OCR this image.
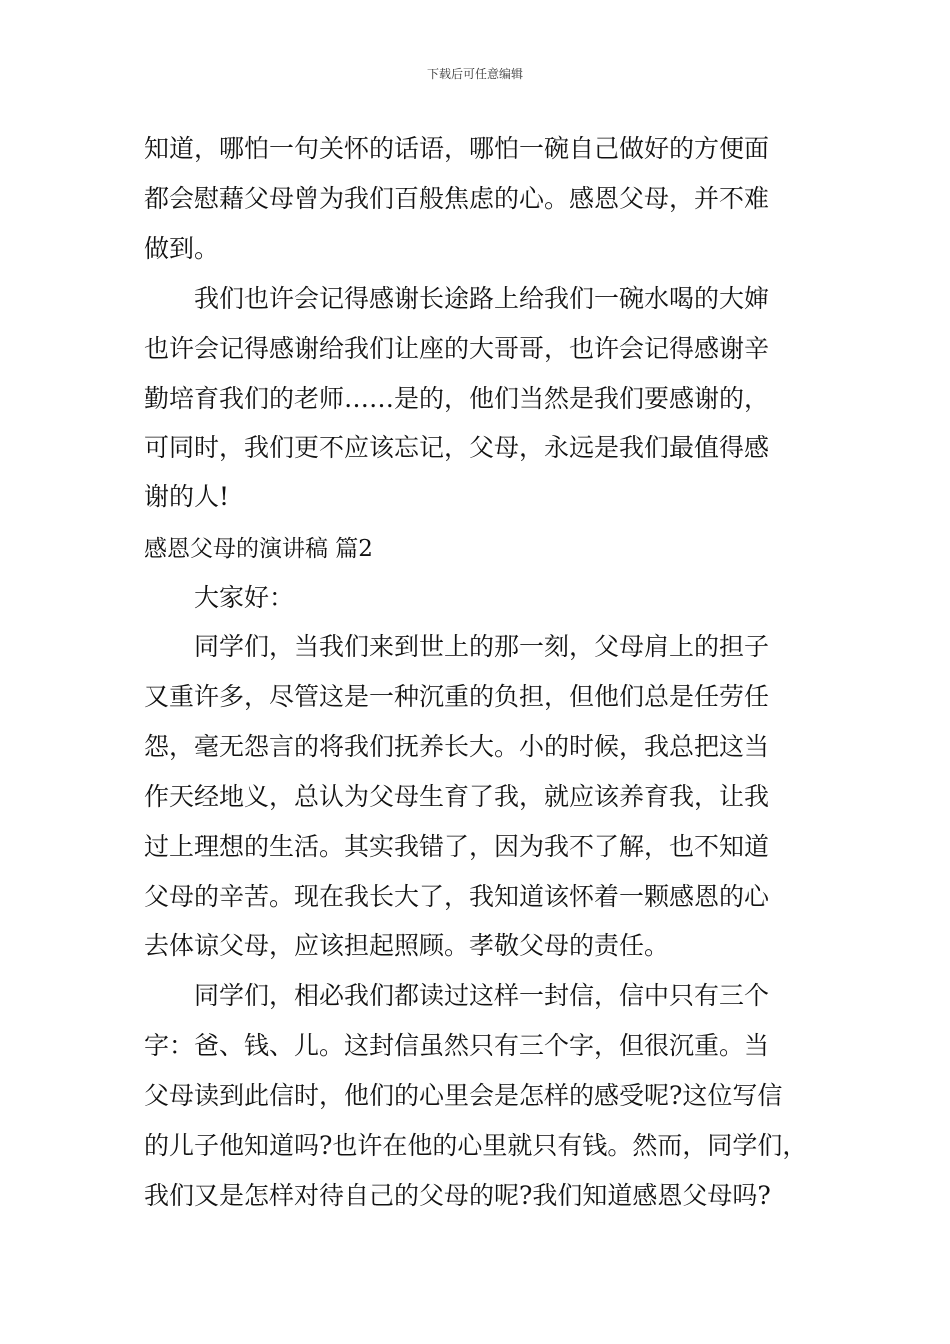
下载后可任意编辑
知道，哪怕一句关怀的话语，哪怕一碗自己做好的方便面
都会慰藉父母曾为我们百般焦虑的心。感恩父母，并不难
做到。
我们也许会记得感谢长途路上给我们一碗水喝的大婶
也许会记得感谢给我们让座的大哥哥，也许会记得感谢辛
勤培育我们的老师……是的，他们当然是我们要感谢的，
可同时，我们更不应该忘记，父母，永远是我们最值得感
谢的人!
感恩父母的演讲稿 篇2
大家好：
同学们，当我们来到世上的那一刻，父母肩上的担子
又重许多，尽管这是一种沉重的负担，但他们总是任劳任
怨，毫无怨言的将我们抚养长大。小的时候，我总把这当
作天经地义，总认为父母生育了我，就应该养育我，让我
过上理想的生活。其实我错了，因为我不了解，也不知道
父母的辛苦。现在我长大了，我知道该怀着一颗感恩的心
去体谅父母，应该担起照顾。孝敬父母的责任。
同学们，相必我们都读过这样一封信，信中只有三个
字：爸、钱、儿。这封信虽然只有三个字，但很沉重。当
父母读到此信时，他们的心里会是怎样的感受呢?这位写信
的儿子他知道吗?也许在他的心里就只有钱。然而，同学们，
我们又是怎样对待自己的父母的呢?我们知道感恩父母吗?
